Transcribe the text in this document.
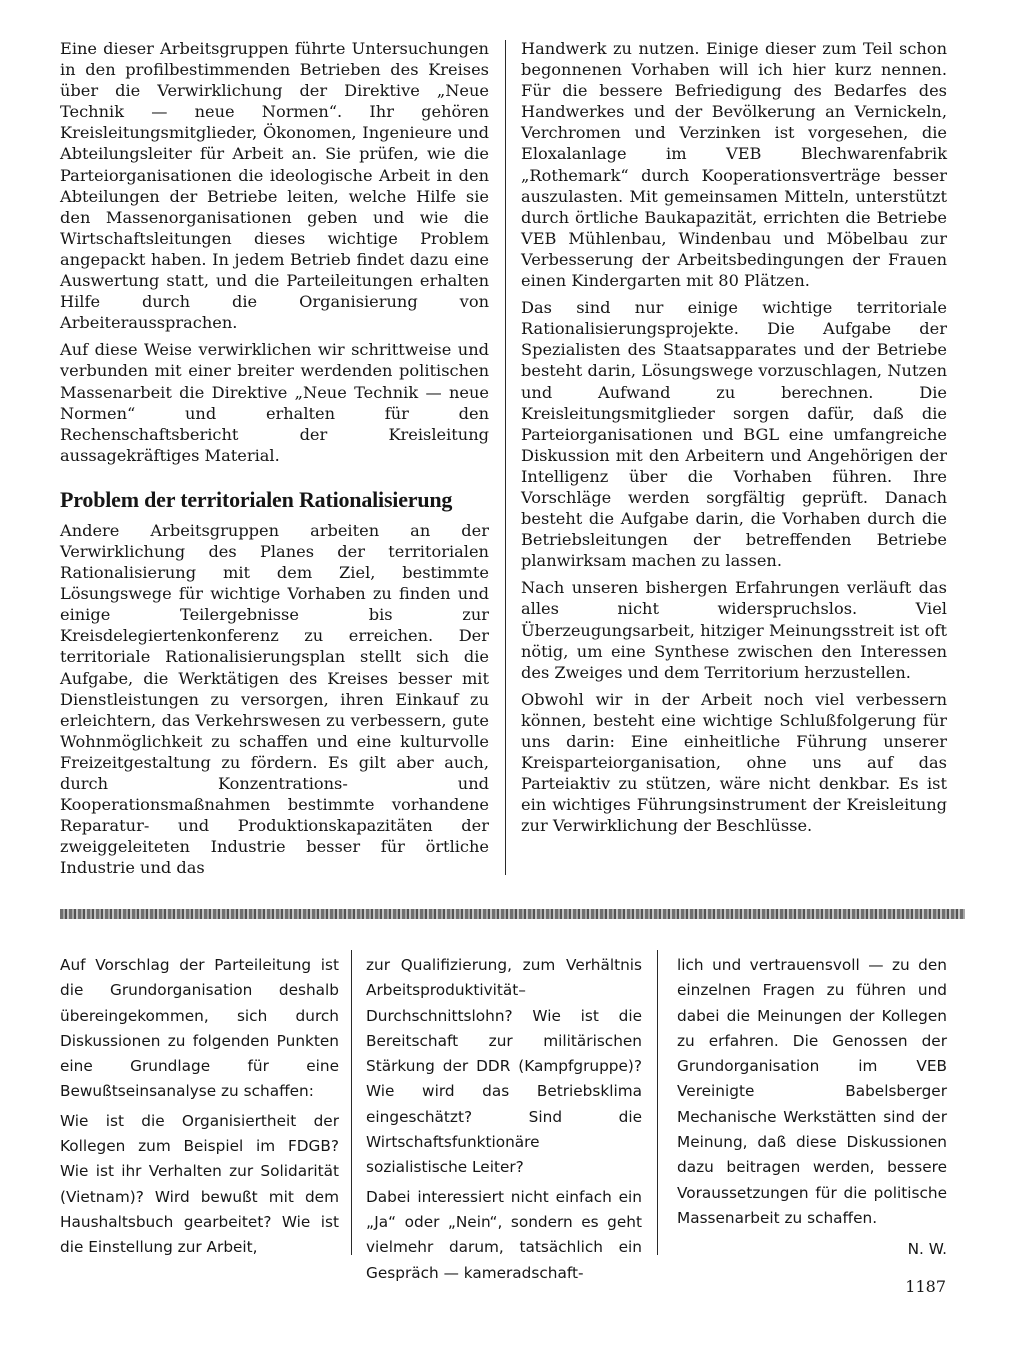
Eine dieser Arbeitsgruppen führte Untersuchungen in den profilbestimmenden Betrieben des Kreises über die Verwirklichung der Direktive „Neue Technik — neue Normen“. Ihr gehören Kreisleitungsmitglieder, Ökonomen, Ingenieure und Abteilungsleiter für Arbeit an. Sie prüfen, wie die Parteiorganisationen die ideologische Arbeit in den Abteilungen der Betriebe leiten, welche Hilfe sie den Massenorganisationen geben und wie die Wirtschaftsleitungen dieses wichtige Problem angepackt haben. In jedem Betrieb findet dazu eine Auswertung statt, und die Parteileitungen erhalten Hilfe durch die Organisierung von Arbeiteraussprachen.

Auf diese Weise verwirklichen wir schrittweise und verbunden mit einer breiter werdenden politischen Massenarbeit die Direktive „Neue Technik — neue Normen“ und erhalten für den Rechenschaftsbericht der Kreisleitung aussagekräftiges Material.

Problem der territorialen Rationalisierung

Andere Arbeitsgruppen arbeiten an der Verwirklichung des Planes der territorialen Rationalisierung mit dem Ziel, bestimmte Lösungswege für wichtige Vorhaben zu finden und einige Teilergebnisse bis zur Kreisdelegiertenkonferenz zu erreichen. Der territoriale Rationalisierungsplan stellt sich die Aufgabe, die Werktätigen des Kreises besser mit Dienstleistungen zu versorgen, ihren Einkauf zu erleichtern, das Verkehrswesen zu verbessern, gute Wohnmöglichkeit zu schaffen und eine kulturvolle Freizeitgestaltung zu fördern. Es gilt aber auch, durch Konzentrations- und Kooperationsmaßnahmen bestimmte vorhandene Reparatur- und Produktionskapazitäten der zweiggeleiteten Industrie besser für örtliche Industrie und das

Handwerk zu nutzen. Einige dieser zum Teil schon begonnenen Vorhaben will ich hier kurz nennen. Für die bessere Befriedigung des Bedarfes des Handwerkes und der Bevölkerung an Vernickeln, Verchromen und Verzinken ist vorgesehen, die Eloxalanlage im VEB Blechwarenfabrik „Rothemark“ durch Kooperationsverträge besser auszulasten. Mit gemeinsamen Mitteln, unterstützt durch örtliche Baukapazität, errichten die Betriebe VEB Mühlenbau, Windenbau und Möbelbau zur Verbesserung der Arbeitsbedingungen der Frauen einen Kindergarten mit 80 Plätzen.

Das sind nur einige wichtige territoriale Rationalisierungsprojekte. Die Aufgabe der Spezialisten des Staatsapparates und der Betriebe besteht darin, Lösungswege vorzuschlagen, Nutzen und Aufwand zu berechnen. Die Kreisleitungsmitglieder sorgen dafür, daß die Parteiorganisationen und BGL eine umfangreiche Diskussion mit den Arbeitern und Angehörigen der Intelligenz über die Vorhaben führen. Ihre Vorschläge werden sorgfältig geprüft. Danach besteht die Aufgabe darin, die Vorhaben durch die Betriebsleitungen der betreffenden Betriebe planwirksam machen zu lassen.

Nach unseren bishergen Erfahrungen verläuft das alles nicht widerspruchslos. Viel Überzeugungsarbeit, hitziger Meinungsstreit ist oft nötig, um eine Synthese zwischen den Interessen des Zweiges und dem Territorium herzustellen.

Obwohl wir in der Arbeit noch viel verbessern können, besteht eine wichtige Schlußfolgerung für uns darin: Eine einheitliche Führung unserer Kreisparteiorganisation, ohne uns auf das Parteiaktiv zu stützen, wäre nicht denkbar. Es ist ein wichtiges Führungsinstrument der Kreisleitung zur Verwirklichung der Beschlüsse.

Auf Vorschlag der Parteileitung ist die Grundorganisation deshalb übereingekommen, sich durch Diskussionen zu folgenden Punkten eine Grundlage für eine Bewußtseinsanalyse zu schaffen:

Wie ist die Organisiertheit der Kollegen zum Beispiel im FDGB? Wie ist ihr Verhalten zur Solidarität (Vietnam)? Wird bewußt mit dem Haushaltsbuch gearbeitet? Wie ist die Einstellung zur Arbeit,

zur Qualifizierung, zum Verhältnis Arbeitsproduktivität–Durchschnittslohn? Wie ist die Bereitschaft zur militärischen Stärkung der DDR (Kampfgruppe)? Wie wird das Betriebsklima eingeschätzt? Sind die Wirtschaftsfunktionäre sozialistische Leiter?

Dabei interessiert nicht einfach ein „Ja“ oder „Nein“, sondern es geht vielmehr darum, tatsächlich ein Gespräch — kameradschaft-

lich und vertrauensvoll — zu den einzelnen Fragen zu führen und dabei die Meinungen der Kollegen zu erfahren. Die Genossen der Grundorganisation im VEB Vereinigte Babelsberger Mechanische Werkstätten sind der Meinung, daß diese Diskussionen dazu beitragen werden, bessere Voraussetzungen für die politische Massenarbeit zu schaffen.

N. W.

1187
